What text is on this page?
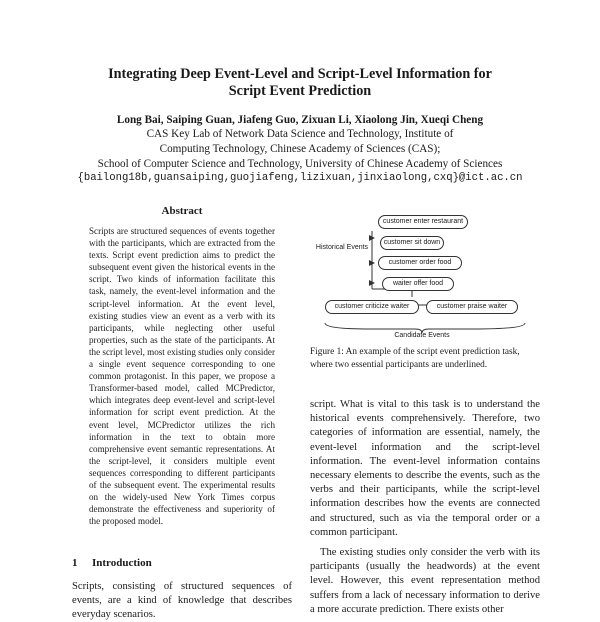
Integrating Deep Event-Level and Script-Level Information for
Script Event Prediction
Long Bai, Saiping Guan, Jiafeng Guo, Zixuan Li, Xiaolong Jin, Xueqi Cheng
CAS Key Lab of Network Data Science and Technology, Institute of
Computing Technology, Chinese Academy of Sciences (CAS);
School of Computer Science and Technology, University of Chinese Academy of Sciences
{bailong18b,guansaiping,guojiafeng,lizixuan,jinxiaolong,cxq}@ict.ac.cn
Abstract

Scripts are structured sequences of events together with the participants, which are extracted from the texts. Script event prediction aims to predict the subsequent event given the historical events in the script. Two kinds of information facilitate this task, namely, the event-level information and the script-level information. At the event level, existing studies view an event as a verb with its participants, while neglecting other useful properties, such as the state of the participants. At the script level, most existing studies only consider a single event sequence corresponding to one common protagonist. In this paper, we propose a Transformer-based model, called MCPredictor, which integrates deep event-level and script-level information for script event prediction. At the event level, MCPredictor utilizes the rich information in the text to obtain more comprehensive event semantic representations. At the script-level, it considers multiple event sequences corresponding to different participants of the subsequent event. The experimental results on the widely-used New York Times corpus demonstrate the effectiveness and superiority of the proposed model.

1 Introduction

Scripts, consisting of structured sequences of events, are a kind of knowledge that describes everyday scenarios.

Historical Events
customer enter restaurant
customer sit down
customer order food
waiter offer food
customer criticize waiter	customer praise waiter
Candidate Events

Figure 1: An example of the script event prediction task, where two essential participants are underlined.

script. What is vital to this task is to understand the historical events comprehensively. Therefore, two categories of information are essential, namely, the event-level information and the script-level information. The event-level information contains necessary elements to describe the events, such as the verbs and their participants, while the script-level information describes how the events are connected and structured, such as via the temporal order or a common participant.

The existing studies only consider the verb with its participants (usually the headwords) at the event level. However, this event representation method suffers from a lack of necessary information to derive a more accurate prediction. There exists other
